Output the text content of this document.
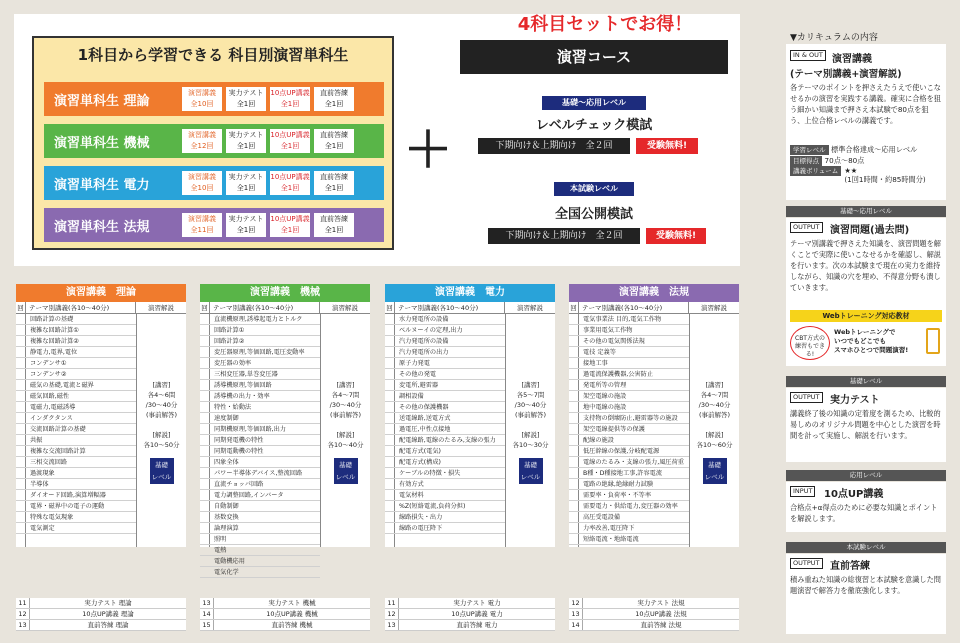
1科目から学習できる 科目別演習単科生
演習単科生 理論
演習講義
全10回
実力テスト
全1回
10点UP講義
全1回
直前答練
全1回
演習単科生 機械
演習講義
全12回
実力テスト
全1回
10点UP講義
全1回
直前答練
全1回
演習単科生 電力
演習講義
全10回
実力テスト
全1回
10点UP講義
全1回
直前答練
全1回
演習単科生 法規
演習講義
全11回
実力テスト
全1回
10点UP講義
全1回
直前答練
全1回
＋
4科目セットでお得！
演習コース
基礎～応用レベル
レベルチェック模試
下期向け＆上期向け　全２回	受験無料!
本試験レベル
全国公開模試
下期向け＆上期向け　全２回	受験無料!
演習講義　理論
回 テーマ別講義(各10～40分)	演習解説
回路計算の基礎
複雑な回路計算①
複雑な回路計算②
静電力,電界,電位
コンデンサ①
コンデンサ②
磁気の基礎,電流と磁界
磁気回路,磁性
電磁力,電磁誘導
インダクタンス
交流回路計算の基礎
共振
複雑な交流回路計算
三相交流回路
過渡現象
半導体
ダイオード回路,演算増幅器
電界・磁界中の電子の運動
特殊な電気現象
電気測定
[講習]
各4～6問
/30～40分
(事前解答)
[解説]
各10～50分
基礎
レベル
11	実力テスト 理論
12	10点UP講義 理論
13	直前答練 理論
演習講義　機械
回 テーマ別講義(各10～40分)	演習解説
直流機原理,誘導起電力とトルク
回路計算①
回路計算②
変圧器原理,等価回路,電圧変動率
変圧器の効率
三相変圧器,単巻変圧器
誘導機原理,等価回路
誘導機の出力・効率
特性・始動法
速度制御
同期機原理,等価回路,出力
同期発電機の特性
同期電動機の特性
四象全体
パワー半導体デバイス,整流回路
直流チョッパ回路
電力調整回路,インバータ
自動制御
基数変換
論理演算
照明
電熱
電動機応用
電気化学
[講習]
各4～7問
/30～40分
(事前解答)
[解説]
各10～40分
基礎
レベル
13	実力テスト 機械
14	10点UP講義 機械
15	直前答練 機械
演習講義　電力
回 テーマ別講義(各10～40分)	演習解説
水力発電所の設備
ベルヌーイの定理,出力
汽力発電所の設備
汽力発電所の出力
原子力発電
その他の発電
変電所,避雷器
調相設備
その他の保護機器
送電線路,送電方式
過電圧,中性点接地
配電線路,電線のたるみ,支線の張力
配電方式(電気)
配電方式(構成)
ケーブルの特徴・損失
有効方式
電気材料
%Z(短絡電流,負荷分担)
線路損失・出力
線路の電圧降下
[講習]
各5～7問
/30～40分
(事前解答)
[解説]
各10～30分
基礎
レベル
11	実力テスト 電力
12	10点UP講義 電力
13	直前答練 電力
演習講義　法規
回 テーマ別講義(各10～40分)	演習解説
電気事業法 目的,電気工作物
事業用電気工作物
その他の電気関係法規
電技 定義等
接地工事
過電流保護機器,公害防止
発電所等の管理
架空電線の施設
地中電線の施設
支持物の倒壊防止,避雷器等の施設
架空電線提供等の保護
配線の施設
低圧幹線の保護,分岐配電源
電線のたるみ・支線の張力,風圧荷重
B種・D種接地工事,許容電流
電路の絶縁,絶縁耐力試験
需要率・負荷率・不等率
需要電力・供給電力,変圧器の効率
高圧受電設備
力率改善,電圧降下
短絡電流・地絡電流
[講習]
各4～7問
/30～40分
(事前解答)
[解説]
各10～60分
基礎
レベル
12	実力テスト 法規
13	10点UP講義 法規
14	直前答練 法規
▼カリキュラムの内容
IN & OUT 演習講義
(テーマ別講義+演習解説)
各テーマのポイントを押さえたうえで使いこなせるかの演習を実践する講義。確実に合格を狙う細かい知識まで押さえ本試験で80点を狙う、上位合格レベルの講義です。
学習レベル 標準合格達成～応用レベル
目標得点 70点～80点
講義ボリューム ★★
(1回1時間・約85時間分)
基礎～応用レベル
OUTPUT	演習問題(過去問)
テーマ別講義で押さえた知識を、演習問題を解くことで実際に使いこなせるかを確認し、解説を行います。次の本試験まで現在の実力を維持しながら、知識の穴を埋め、不得意分野も潰していきます。
Webトレーニング対応教材
CBT方式の
練習もできる!
Webトレーニングで
いつでもどこでも
スマホひとつで問題演習!
基礎レベル
OUTPUT	実力テスト
講義終了後の知識の定着度を測るため、比較的易しめのオリジナル問題を中心とした演習を時間を計って実施し、解説を行います。
応用レベル
INPUT	10点UP講義
合格点+α得点のために必要な知識とポイントを解説します。
本試験レベル
OUTPUT	直前答練
積み重ねた知識の総復習と本試験を意識した問題演習で解答力を徹底強化します。
